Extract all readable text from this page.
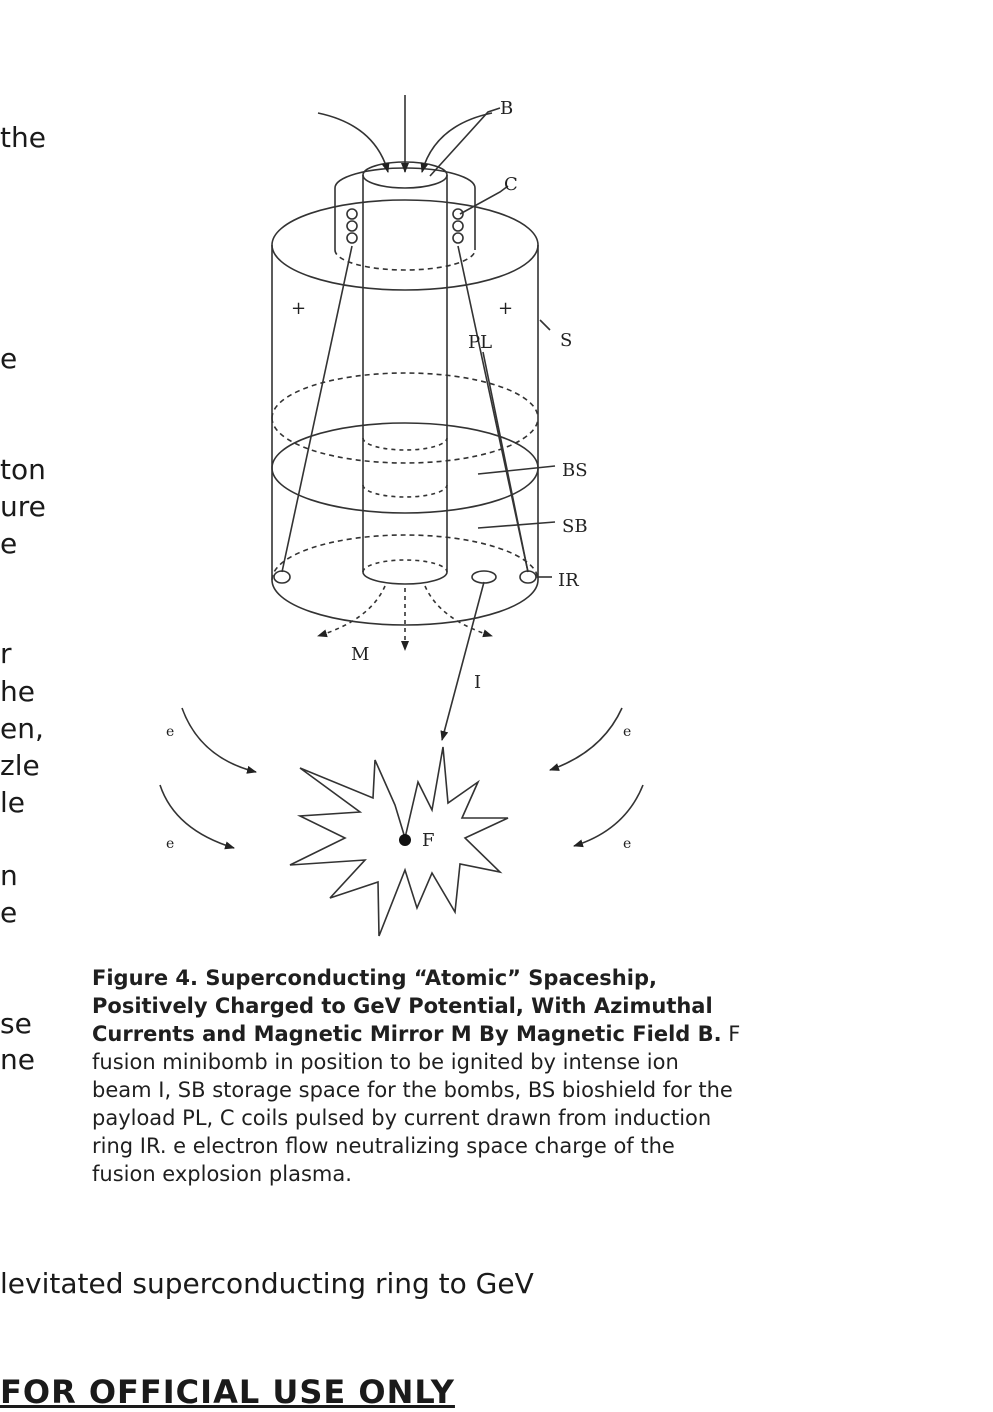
the
e
ton
ure
e
r
he
en,
zle
le
n
e
se
ne
B
C
+	+
PL	S
BS
SB
IR
M
I
F
e
e
e
e
Figure 4. Superconducting “Atomic” Spaceship, Positively Charged to GeV Potential, With Azimuthal Currents and Magnetic Mirror M By Magnetic Field B. F fusion minibomb in position to be ignited by intense ion beam I, SB storage space for the bombs, BS bioshield for the payload PL, C coils pulsed by current drawn from induction ring IR. e electron flow neutralizing space charge of the fusion explosion plasma.
levitated superconducting ring to GeV
FOR OFFICIAL USE ONLY
